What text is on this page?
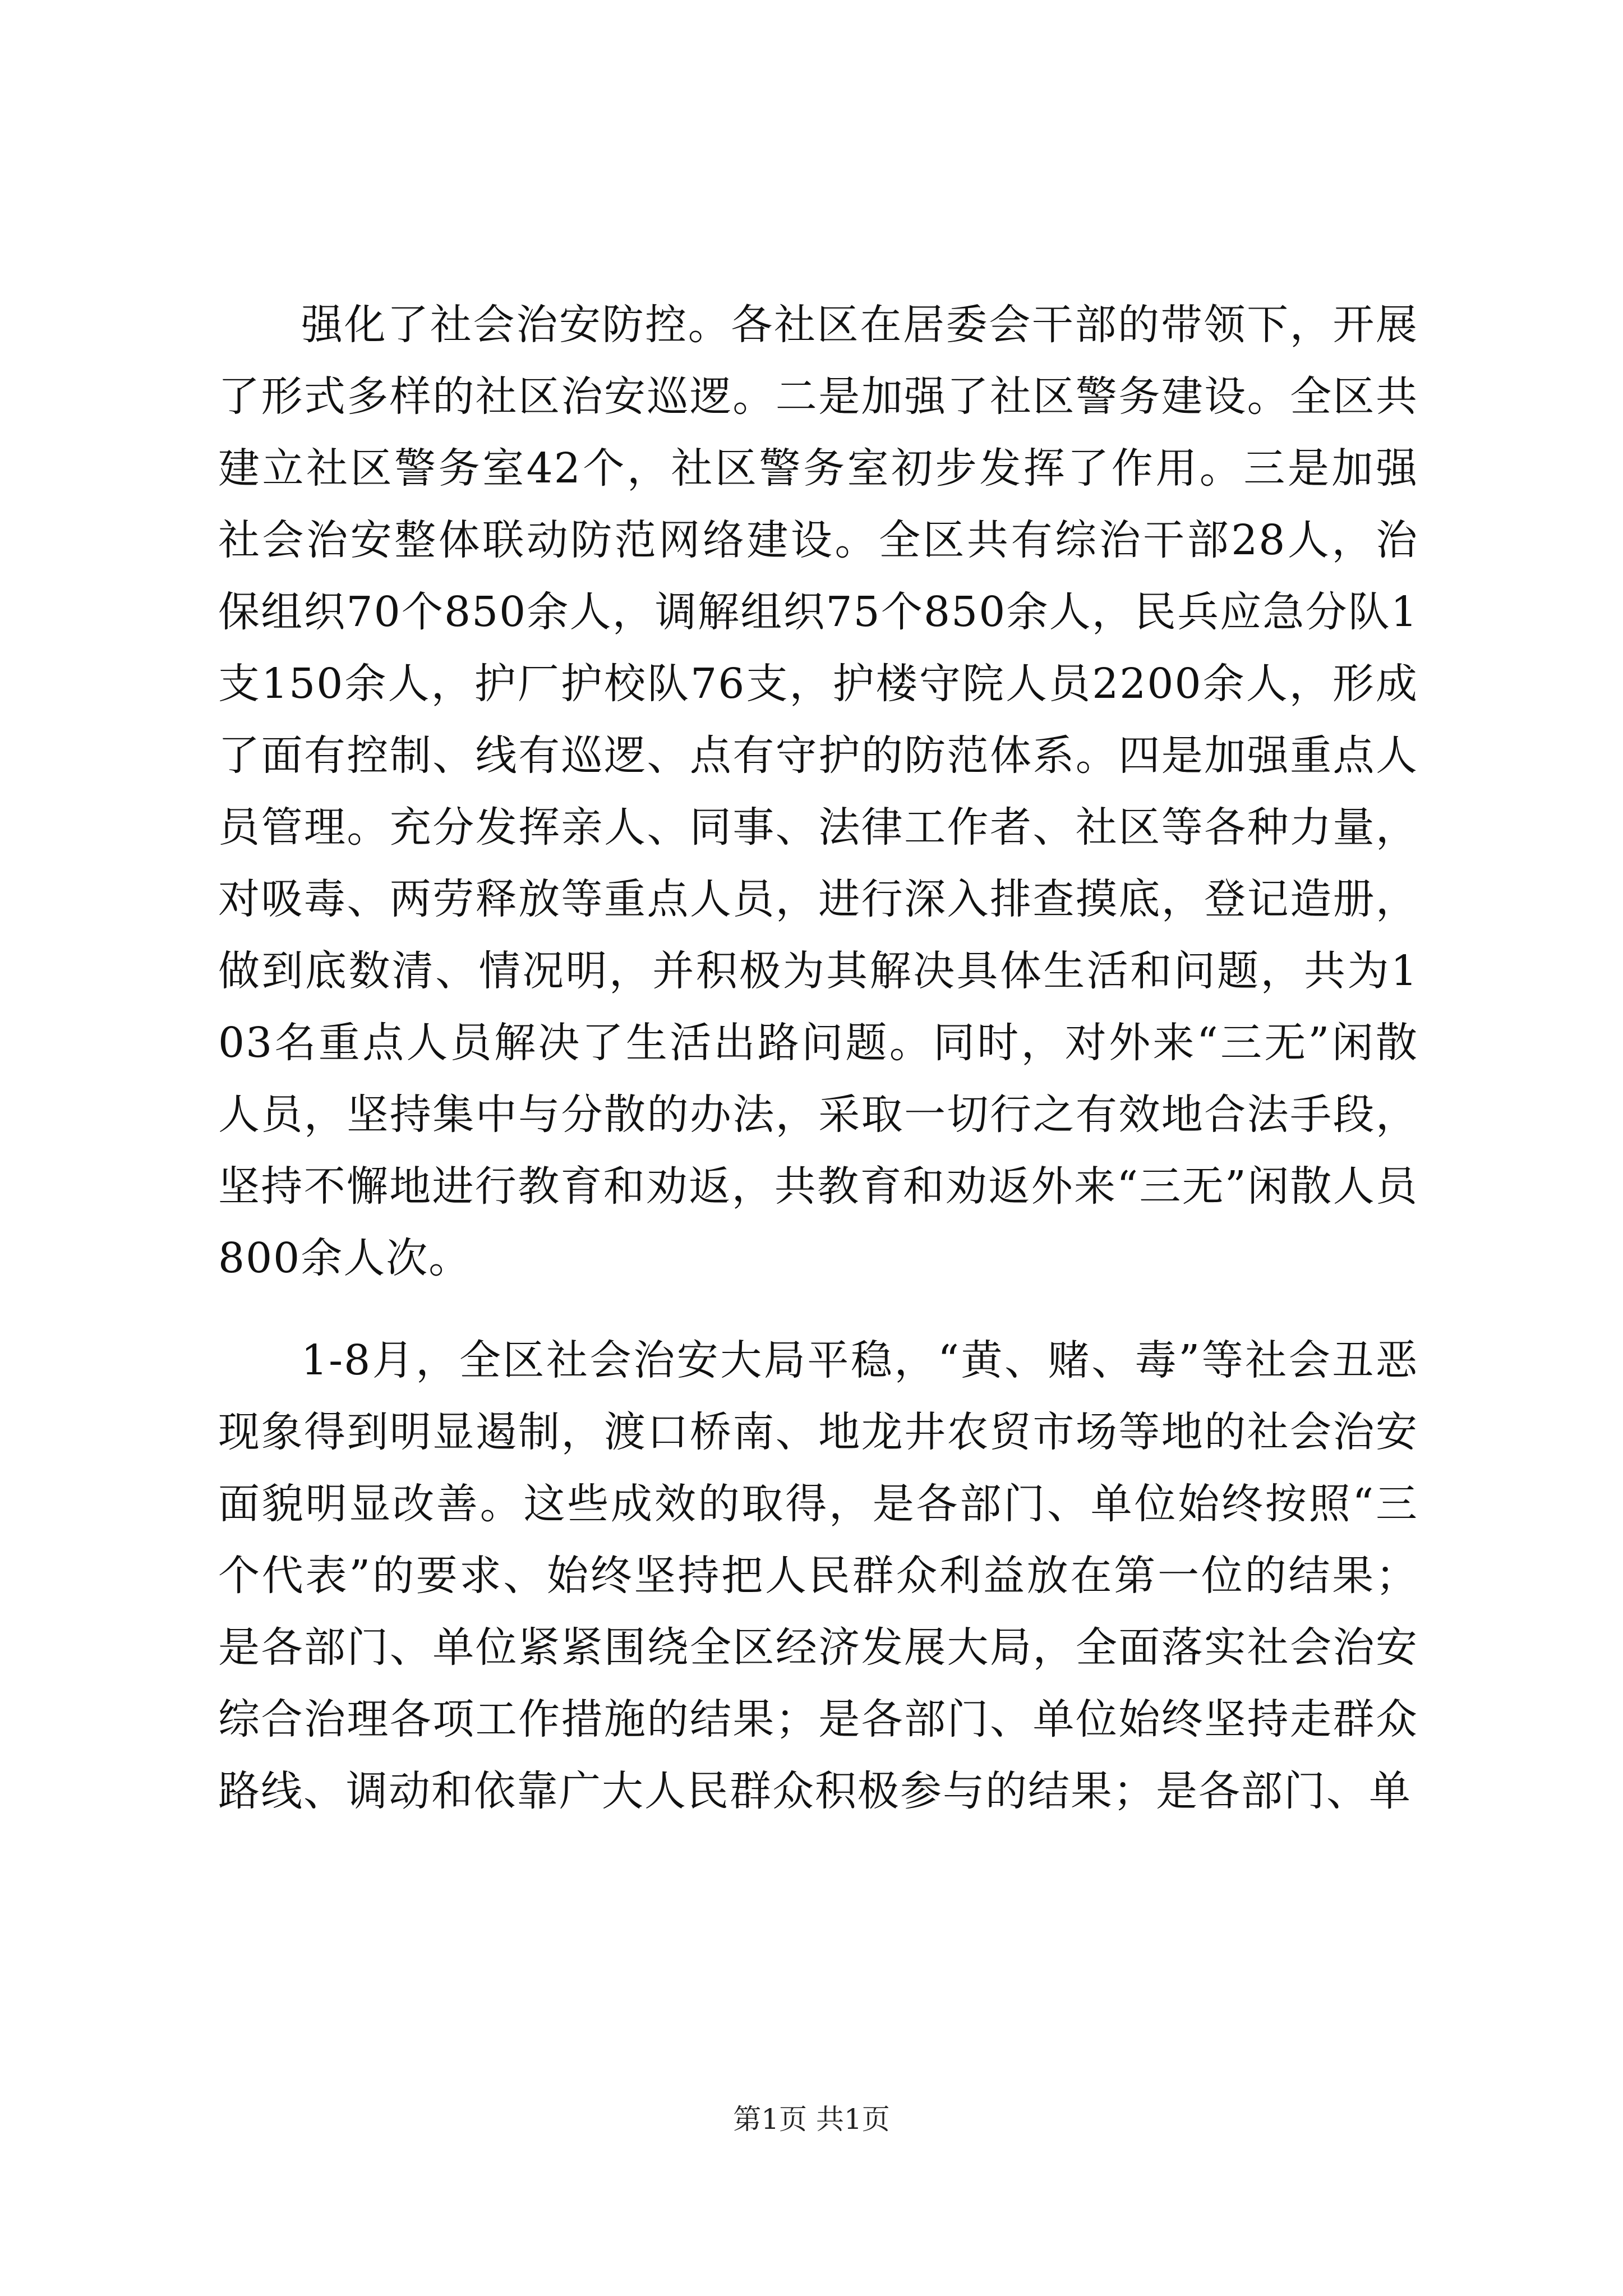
强化了社会治安防控。各社区在居委会干部的带领下，开展了形式多样的社区治安巡逻。二是加强了社区警务建设。全区共建立社区警务室42个，社区警务室初步发挥了作用。三是加强社会治安整体联动防范网络建设。全区共有综治干部28人，治保组织70个850余人，调解组织75个850余人，民兵应急分队1支150余人，护厂护校队76支，护楼守院人员2200余人，形成了面有控制、线有巡逻、点有守护的防范体系。四是加强重点人员管理。充分发挥亲人、同事、法律工作者、社区等各种力量，对吸毒、两劳释放等重点人员，进行深入排查摸底，登记造册，做到底数清、情况明，并积极为其解决具体生活和问题，共为103名重点人员解决了生活出路问题。同时，对外来“三无”闲散人员，坚持集中与分散的办法，采取一切行之有效地合法手段，坚持不懈地进行教育和劝返，共教育和劝返外来“三无”闲散人员800余人次。

1-8月，全区社会治安大局平稳，“黄、赌、毒”等社会丑恶现象得到明显遏制，渡口桥南、地龙井农贸市场等地的社会治安面貌明显改善。这些成效的取得，是各部门、单位始终按照“三个代表”的要求、始终坚持把人民群众利益放在第一位的结果；是各部门、单位紧紧围绕全区经济发展大局，全面落实社会治安综合治理各项工作措施的结果；是各部门、单位始终坚持走群众路线、调动和依靠广大人民群众积极参与的结果；是各部门、单

第1页 共1页
